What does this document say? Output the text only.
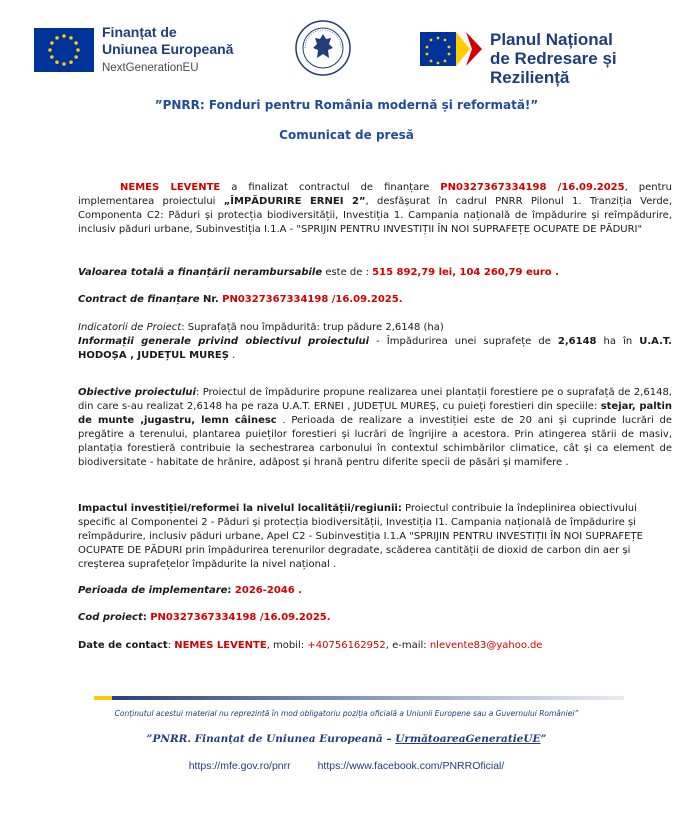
Finanțat de
Uniunea Europeană
NextGenerationEU
Planul Național
de Redresare și Reziliență
”PNRR: Fonduri pentru România modernă și reformată!”
Comunicat de presă
NEMES LEVENTE a finalizat contractul de finanțare PN0327367334198 /16.09.2025, pentru implementarea proiectului „ÎMPĂDURIRE ERNEI 2”, desfășurat în cadrul PNRR Pilonul 1. Tranziția Verde, Componenta C2: Păduri și protecția biodiversității, Investiția 1. Campania națională de împădurire și reîmpădurire, inclusiv păduri urbane, Subinvestiția I.1.A - "SPRIJIN PENTRU INVESTIȚII ÎN NOI SUPRAFEȚE OCUPATE DE PĂDURI"
Valoarea totală a finanțării nerambursabile este de : 515 892,79 lei, 104 260,79 euro .
Contract de finanțare Nr. PN0327367334198 /16.09.2025.
Indicatorii de Proiect: Suprafață nou împădurită: trup pădure 2,6148 (ha)
Informații generale privind obiectivul proiectului - Împădurirea unei suprafețe de 2,6148 ha în U.A.T. HODOȘA , JUDEȚUL MUREȘ .
Obiective proiectului: Proiectul de împădurire propune realizarea unei plantații forestiere pe o suprafață de 2,6148, din care s-au realizat 2,6148 ha pe raza U.A.T. ERNEI , JUDEȚUL MUREȘ, cu puieți forestieri din speciile: stejar, paltin de munte ,jugastru, lemn câinesc . Perioada de realizare a investiției este de 20 ani și cuprinde lucrări de pregătire a terenului, plantarea puieților forestieri și lucrări de îngrijire a acestora. Prin atingerea stării de masiv, plantația forestieră contribuie la sechestrarea carbonului în contextul schimbărilor climatice, cât și ca element de biodiversitate - habitate de hrănire, adăpost și hrană pentru diferite specii de păsări și mamifere .
Impactul investiției/reformei la nivelul localității/regiunii: Proiectul contribuie la îndeplinirea obiectivului specific al Componentei 2 - Păduri și protecția biodiversității, Investiția I1. Campania națională de împădurire și reîmpădurire, inclusiv păduri urbane, Apel C2 - Subinvestiția I.1.A "SPRIJIN PENTRU INVESTIȚII ÎN NOI SUPRAFEȚE OCUPATE DE PĂDURI prin împădurirea terenurilor degradate, scăderea cantității de dioxid de carbon din aer și creșterea suprafețelor împădurite la nivel național .
Perioada de implementare: 2026-2046 .
Cod proiect: PN0327367334198 /16.09.2025.
Date de contact: NEMES LEVENTE, mobil: +40756162952, e-mail: nlevente83@yahoo.de
Conținutul acestui material nu reprezintă în mod obligatoriu poziția oficială a Uniunii Europene sau a Guvernului României”
”PNRR. Finanțat de Uniunea Europeană – UrmătoareaGeneratieUE”
https://mfe.gov.ro/pnrr	https://www.facebook.com/PNRROficial/
